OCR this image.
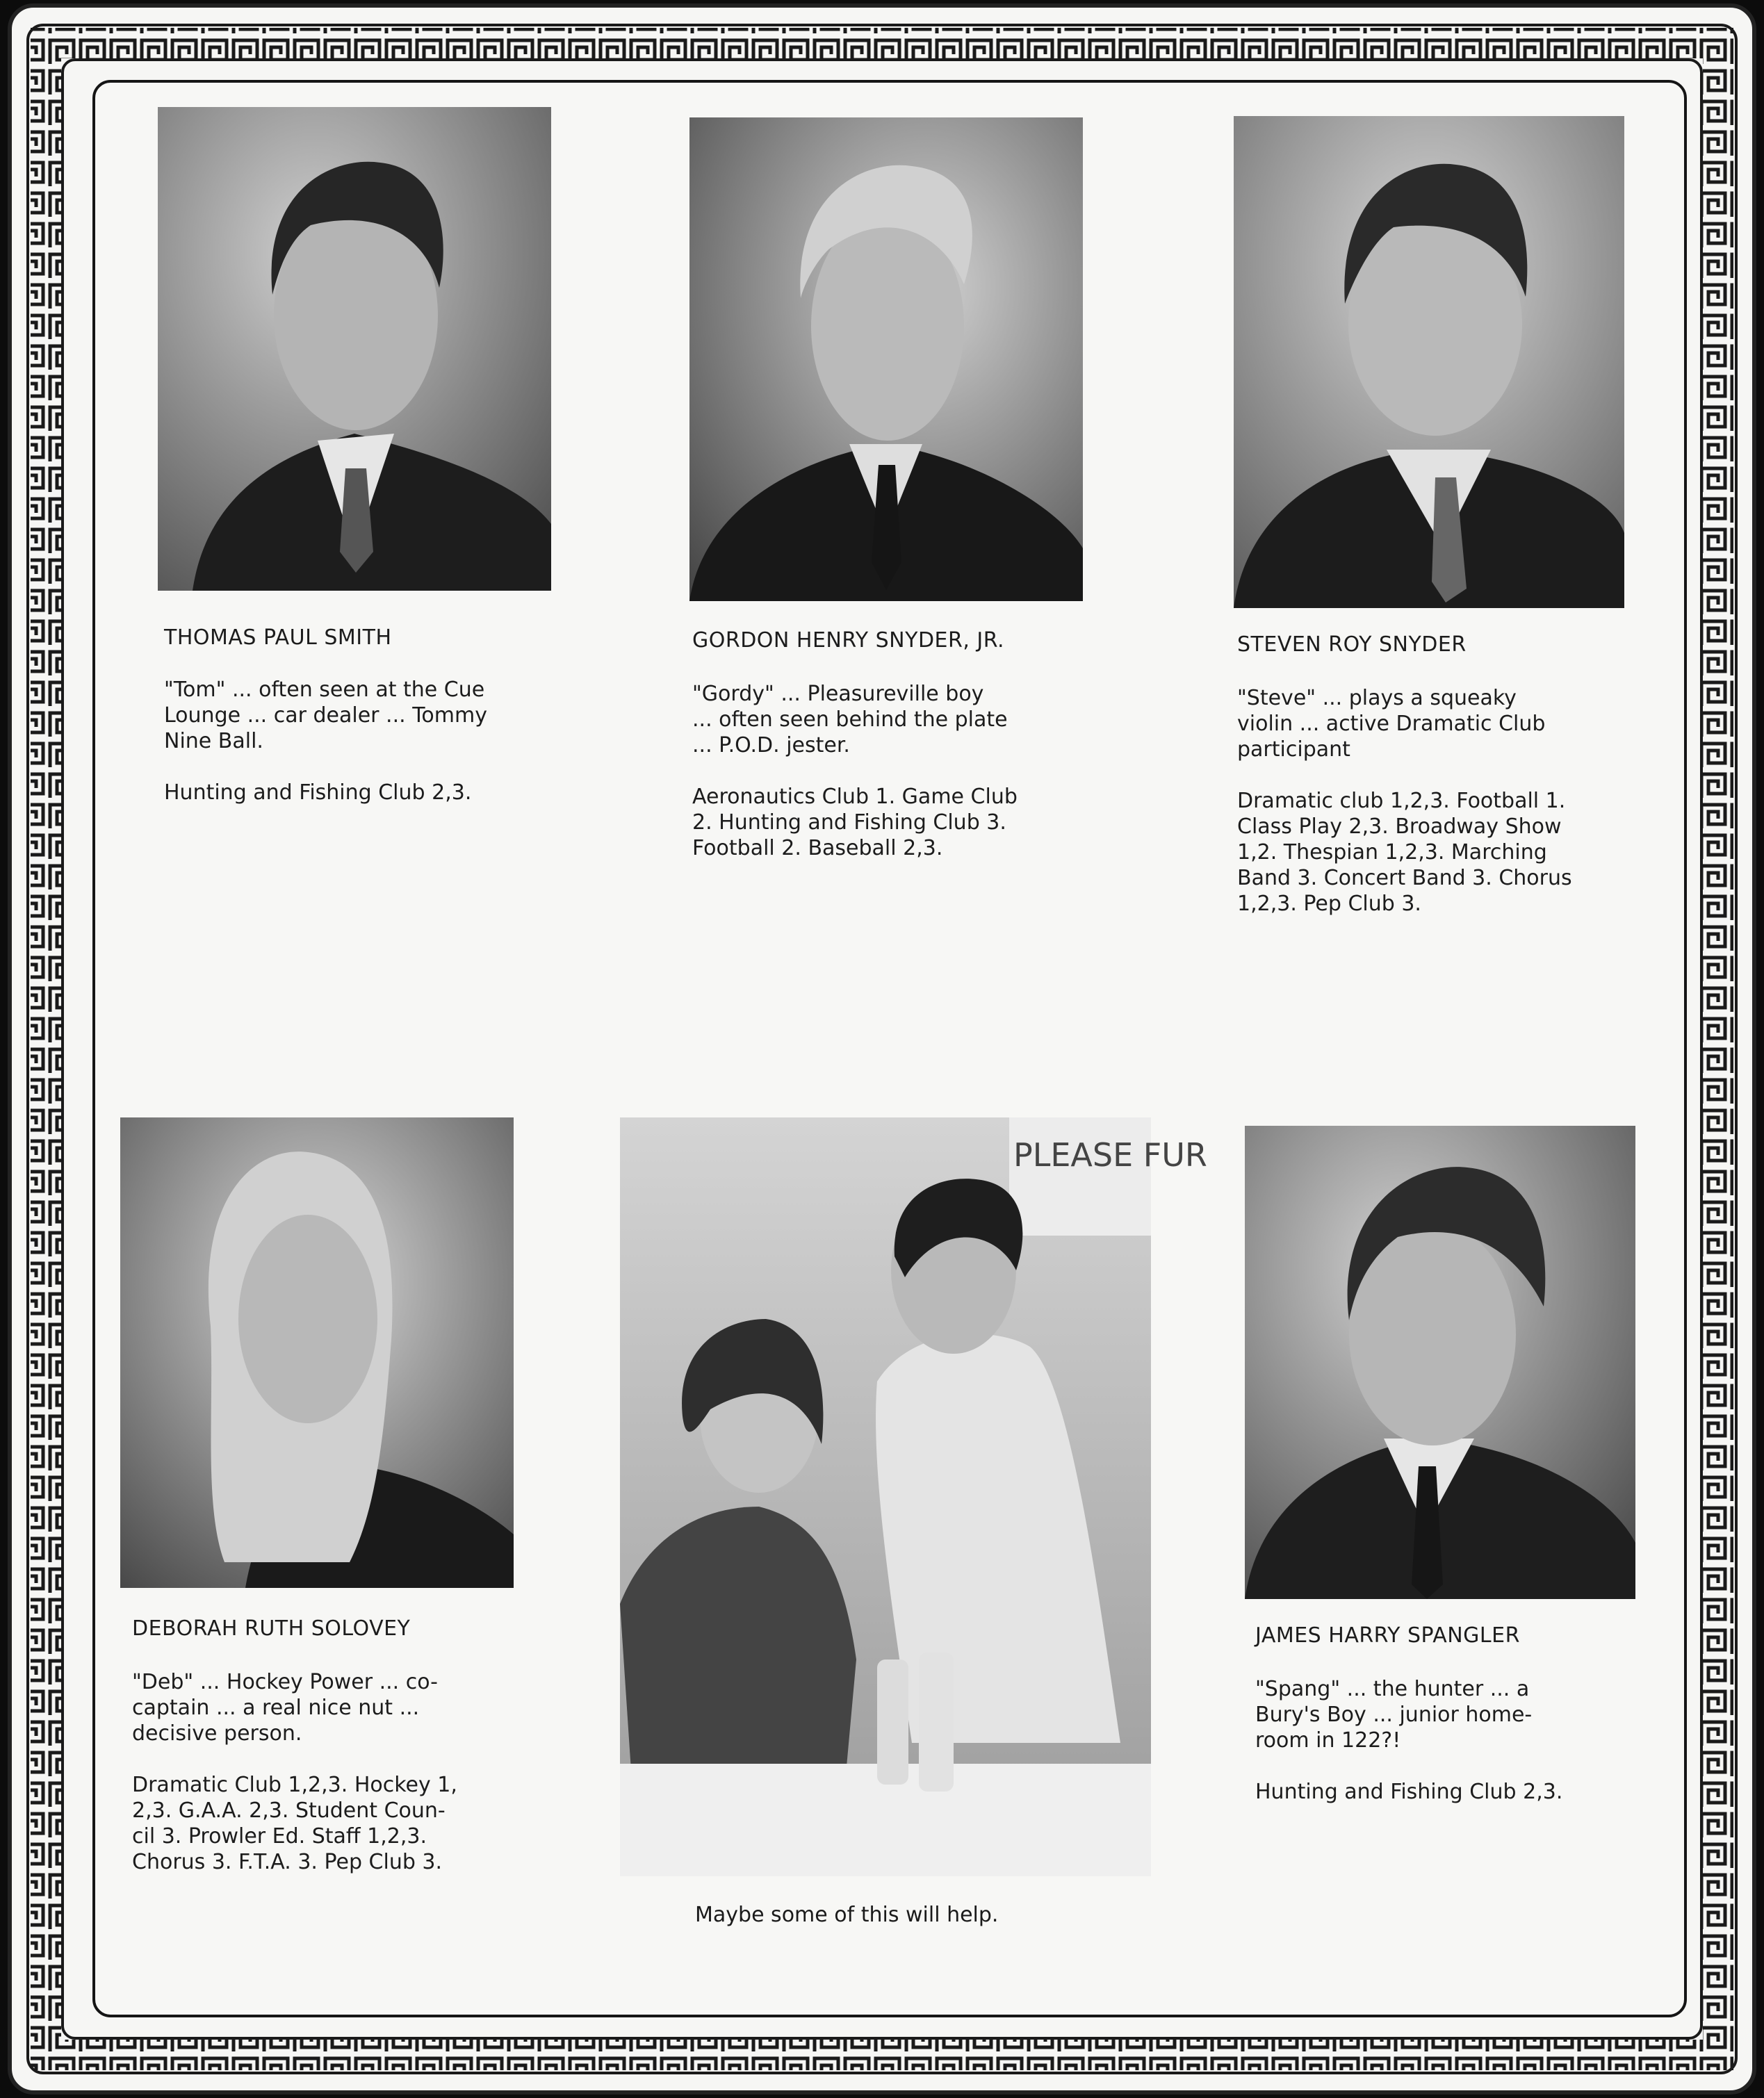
PLEASE FUR
THOMAS PAUL SMITH

"Tom" ... often seen at the Cue

Lounge ... car dealer ... Tommy

Nine Ball.

Hunting and Fishing Club 2,3.

GORDON HENRY SNYDER, JR.

"Gordy" ... Pleasureville boy

... often seen behind the plate

... P.O.D. jester.

Aeronautics Club 1. Game Club

2. Hunting and Fishing Club 3.

Football 2. Baseball 2,3.

STEVEN ROY SNYDER

"Steve" ... plays a squeaky

violin ... active Dramatic Club

participant

Dramatic club 1,2,3. Football 1.

Class Play 2,3. Broadway Show

1,2. Thespian 1,2,3. Marching

Band 3. Concert Band 3. Chorus

1,2,3. Pep Club 3.

DEBORAH RUTH SOLOVEY

"Deb" ... Hockey Power ... co-

captain ... a real nice nut ...

decisive person.

Dramatic Club 1,2,3. Hockey 1,

2,3. G.A.A. 2,3. Student Coun-

cil 3. Prowler Ed. Staff 1,2,3.

Chorus 3. F.T.A. 3. Pep Club 3.

JAMES HARRY SPANGLER

"Spang" ... the hunter ... a

Bury's Boy ... junior home-

room in 122?!

Hunting and Fishing Club 2,3.

Maybe some of this will help.
